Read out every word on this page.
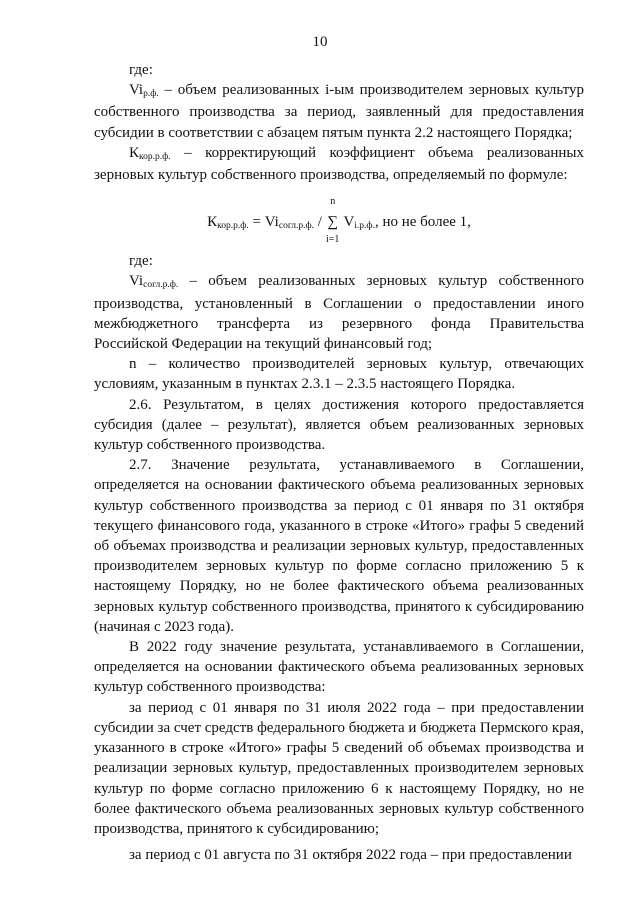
10

где:

Viр.ф. – объем реализованных i-ым производителем зерновых культур собственного производства за период, заявленный для предоставления субсидии в соответствии с абзацем пятым пункта 2.2 настоящего Порядка;

Ккор.р.ф. – корректирующий коэффициент объема реализованных зерновых культур собственного производства, определяемый по формуле:

Ккор.р.ф. = Viсогл.р.ф. /
n
∑
i=1
Vi.р.ф., но не более 1,

где:

Viсогл.р.ф. – объем реализованных зерновых культур собственного производства, установленный в Соглашении о предоставлении иного межбюджетного трансферта из резервного фонда Правительства Российской Федерации на текущий финансовый год;

n – количество производителей зерновых культур, отвечающих условиям, указанным в пунктах 2.3.1 – 2.3.5 настоящего Порядка.

2.6. Результатом, в целях достижения которого предоставляется субсидия (далее – результат), является объем реализованных зерновых культур собственного производства.

2.7. Значение результата, устанавливаемого в Соглашении, определяется на основании фактического объема реализованных зерновых культур собственного производства за период с 01 января по 31 октября текущего финансового года, указанного в строке «Итого» графы 5 сведений об объемах производства и реализации зерновых культур, предоставленных производителем зерновых культур по форме согласно приложению 5 к настоящему Порядку, но не более фактического объема реализованных зерновых культур собственного производства, принятого к субсидированию (начиная с 2023 года).

В 2022 году значение результата, устанавливаемого в Соглашении, определяется на основании фактического объема реализованных зерновых культур собственного производства:

за период с 01 января по 31 июля 2022 года – при предоставлении субсидии за счет средств федерального бюджета и бюджета Пермского края, указанного в строке «Итого» графы 5 сведений об объемах производства и реализации зерновых культур, предоставленных производителем зерновых культур по форме согласно приложению 6 к настоящему Порядку, но не более фактического объема реализованных зерновых культур собственного производства, принятого к субсидированию;

за период с 01 августа по 31 октября 2022 года – при предоставлении
